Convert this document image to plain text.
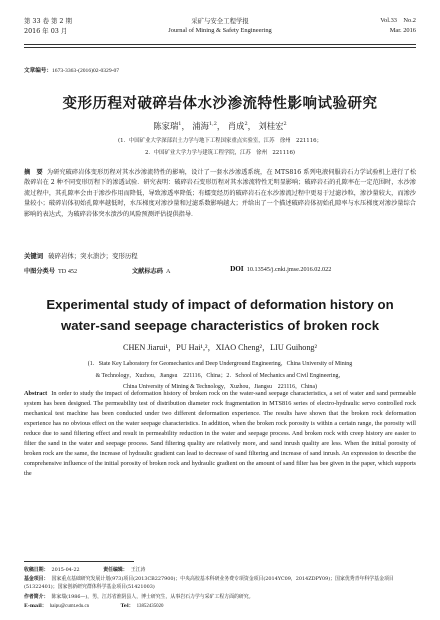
第 33 卷 第 2 期
2016 年 03 月
采矿与安全工程学报
Journal of Mining & Safety Engineering
Vol.33　No.2
Mar. 2016
文章编号：1673-3363-(2016)02-0329-07
变形历程对破碎岩体水沙渗流特性影响试验研究
陈家瑞$^1$， 浦海$^{1,2}$， 肖成$^2$， 刘桂宏$^2$
(1．中国矿业大学深部岩土力学与地下工程国家重点实验室，江苏　徐州　221116；
2．中国矿业大学力学与建筑工程学院，江苏　徐州　221116)
摘　要 为研究破碎岩体变形历程对其水沙渗流特性的影响，设计了一套水沙渗透系统，在 MTS816 系列电液伺服岩石力学试验机上进行了松散碎岩在 2 种不同变形历程下的渗透试验．研究表明：破碎岩石变形历程对其水渗流特性无明显影响；破碎岩石的孔隙率在一定范围时，水沙渗流过程中，其孔隙率会由于渗沙作用而降低，导致渗透率降低；有蠕变经历的破碎岩石在水沙渗流过程中更易于过滤沙粒，渗沙量较大，而渗沙量较小；破碎岩体初始孔隙率越低时，水压梯度对渗沙量和过滤系数影响越大；并给出了一个描述破碎岩体初始孔隙率与水压梯度对渗沙量综合影响的表达式，为破碎岩体突水溃沙的风险预测评估提供指导．
关键词 破碎岩体；突水溃沙；变形历程
中图分类号 TD 452	文献标志码 A	DOI 10.13545/j.cnki.jmse.2016.02.022
Experimental study of impact of deformation history on
water-sand seepage characteristics of broken rock
CHEN Jiarui¹，PU Hai¹,²，XIAO Cheng²，LIU Guihong²
(1．State Key Laboratory for Geomechanics and Deep Underground Engineering，China University of Mining
& Technology，Xuzhou，Jiangsu　221116，China；2．School of Mechanics and Civil Engineering，
China University of Mining & Technology，Xuzhou，Jiangsu　221116，China)
Abstract In order to study the impact of deformation history of broken rock on the water-sand seepage characteristics, a set of water and sand permeable system has been designed. The permeability test of distribution diameter rock fragmentation in MTS816 series of electro-hydraulic servo controlled rock mechanical test machine has been conducted under two different deformation experience. The results have shown that the broken rock deformation experience has no obvious effect on the water seepage characteristics. In addition, when the broken rock porosity is within a certain range, the porosity will reduce due to sand filtering effect and result in permeability reduction in the water and seepage process. And broken rock with creep history are easier to filter the sand in the water and seepage process. Sand filtering quality are relatively more, and sand inrush quality are less. When the initial porosity of broken rock are the same, the increase of hydraulic gradient can lead to decrease of sand filtering and increase of sand inrush. An expression to describe the comprehensive influence of the initial porosity of broken rock and hydraulic gradient on the amount of sand filter has bee given in the paper, which supports the
收稿日期： 2015-04-22	责任编辑： 王江涛
基金项目： 国家重点基础研究发展计划(973)项目(2013CB227900)；中央高校基本科研业务费专项资金项目(2014YC09，2014ZDPY09)；国家优秀青年科学基金项目(51322401)；国家创新研究群体科学基金项目(51421003)
作者简介： 陈家瑞(1986—)，男，江苏省淮阴县人，博士研究生，从事岩石力学与采矿工程方面的研究。
E-mail： haipu@cumt.edu.cn	Tel： 13852435020
